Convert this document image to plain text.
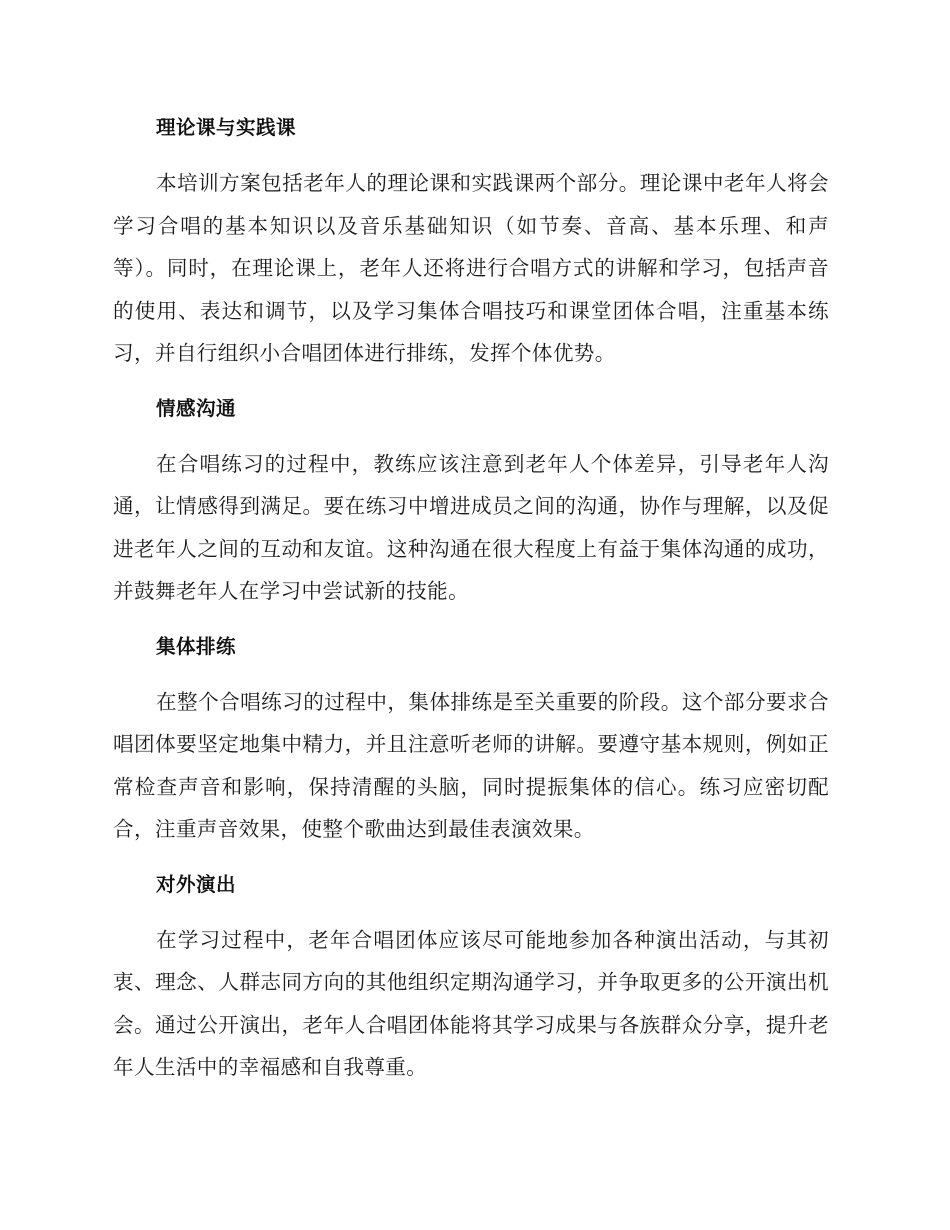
理论课与实践课

本培训方案包括老年人的理论课和实践课两个部分。理论课中老年人将会学习合唱的基本知识以及音乐基础知识（如节奏、音高、基本乐理、和声等）。同时，在理论课上，老年人还将进行合唱方式的讲解和学习，包括声音的使用、表达和调节，以及学习集体合唱技巧和课堂团体合唱，注重基本练习，并自行组织小合唱团体进行排练，发挥个体优势。

情感沟通

在合唱练习的过程中，教练应该注意到老年人个体差异，引导老年人沟通，让情感得到满足。要在练习中增进成员之间的沟通，协作与理解，以及促进老年人之间的互动和友谊。这种沟通在很大程度上有益于集体沟通的成功，并鼓舞老年人在学习中尝试新的技能。

集体排练

在整个合唱练习的过程中，集体排练是至关重要的阶段。这个部分要求合唱团体要坚定地集中精力，并且注意听老师的讲解。要遵守基本规则，例如正常检查声音和影响，保持清醒的头脑，同时提振集体的信心。练习应密切配合，注重声音效果，使整个歌曲达到最佳表演效果。

对外演出

在学习过程中，老年合唱团体应该尽可能地参加各种演出活动，与其初衷、理念、人群志同方向的其他组织定期沟通学习，并争取更多的公开演出机会。通过公开演出，老年人合唱团体能将其学习成果与各族群众分享，提升老年人生活中的幸福感和自我尊重。
